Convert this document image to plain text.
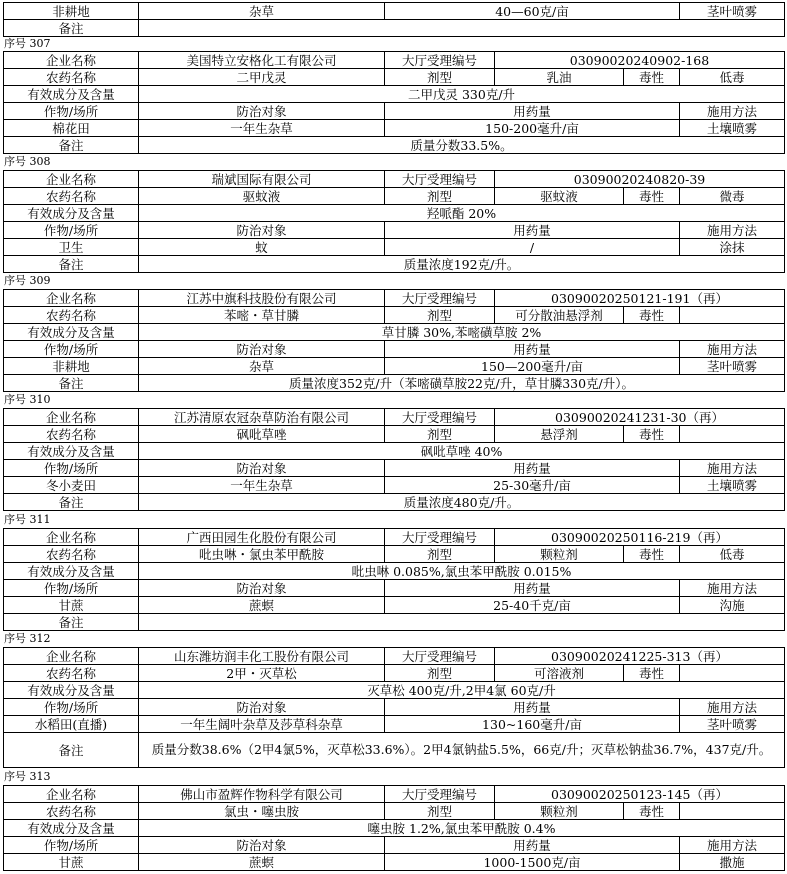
非耕地	杂草	40—60克/亩	茎叶喷雾
备注			
序号 307
企业名称	美国特立安格化工有限公司	大厅受理编号	03090020240902-168		
农药名称	二甲戊灵	剂型	乳油	毒性	低毒
有效成分及含量	二甲戊灵 330克/升				
作物/场所	防治对象	用药量			施用方法
棉花田	一年生杂草	150-200毫升/亩			土壤喷雾
备注	质量分数33.5%。				
序号 308
企业名称	瑞斌国际有限公司	大厅受理编号	03090020240820-39		
农药名称	驱蚊液	剂型	驱蚊液	毒性	微毒
有效成分及含量	羟哌酯 20%				
作物/场所	防治对象	用药量			施用方法
卫生	蚊	/			涂抹
备注	质量浓度192克/升。				
序号 309
企业名称	江苏中旗科技股份有限公司	大厅受理编号	03090020250121-191（再）		
农药名称	苯嘧・草甘膦	剂型	可分散油悬浮剂	毒性	
有效成分及含量	草甘膦 30%,苯嘧磺草胺 2%				
作物/场所	防治对象	用药量			施用方法
非耕地	杂草	150—200毫升/亩			茎叶喷雾
备注	质量浓度352克/升（苯嘧磺草胺22克/升，草甘膦330克/升）。				
序号 310
企业名称	江苏清原农冠杂草防治有限公司	大厅受理编号	03090020241231-30（再）		
农药名称	砜吡草唑	剂型	悬浮剂	毒性	
有效成分及含量	砜吡草唑 40%				
作物/场所	防治对象	用药量			施用方法
冬小麦田	一年生杂草	25-30毫升/亩			土壤喷雾
备注	质量浓度480克/升。				
序号 311
企业名称	广西田园生化股份有限公司	大厅受理编号	03090020250116-219（再）		
农药名称	吡虫啉・氯虫苯甲酰胺	剂型	颗粒剂	毒性	低毒
有效成分及含量	吡虫啉 0.085%,氯虫苯甲酰胺 0.015%				
作物/场所	防治对象	用药量			施用方法
甘蔗	蔗螟	25-40千克/亩			沟施
备注					
序号 312
企业名称	山东潍坊润丰化工股份有限公司	大厅受理编号	03090020241225-313（再）		
农药名称	2甲・灭草松	剂型	可溶液剂	毒性	
有效成分及含量	灭草松 400克/升,2甲4氯 60克/升				
作物/场所	防治对象	用药量			施用方法
水稻田(直播)	一年生阔叶杂草及莎草科杂草	130~160毫升/亩			茎叶喷雾
备注	质量分数38.6%（2甲4氯5%，灭草松33.6%）。2甲4氯钠盐5.5%，66克/升；灭草松钠盐36.7%，437克/升。				
序号 313
企业名称	佛山市盈辉作物科学有限公司	大厅受理编号	03090020250123-145（再）		
农药名称	氯虫・噻虫胺	剂型	颗粒剂	毒性	
有效成分及含量	噻虫胺 1.2%,氯虫苯甲酰胺 0.4%				
作物/场所	防治对象	用药量			施用方法
甘蔗	蔗螟	1000-1500克/亩			撒施
